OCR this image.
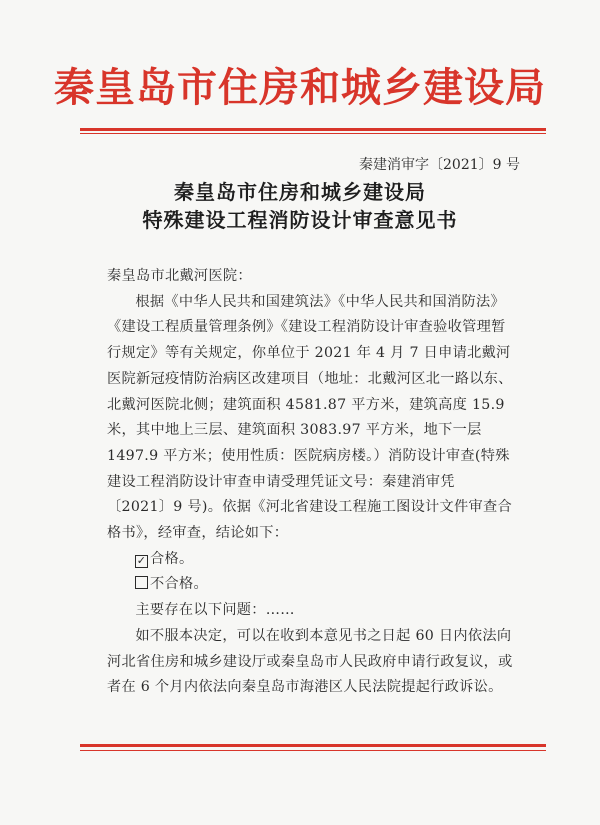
秦皇岛市住房和城乡建设局
秦建消审字〔2021〕9 号
秦皇岛市住房和城乡建设局
特殊建设工程消防设计审查意见书

秦皇岛市北戴河医院：

根据《中华人民共和国建筑法》《中华人民共和国消防法》《建设工程质量管理条例》《建设工程消防设计审查验收管理暂行规定》等有关规定，你单位于 2021 年 4 月 7 日申请北戴河医院新冠疫情防治病区改建项目（地址：北戴河区北一路以东、北戴河医院北侧；建筑面积 4581.87 平方米，建筑高度 15.9 米，其中地上三层、建筑面积 3083.97 平方米，地下一层 1497.9 平方米；使用性质：医院病房楼。）消防设计审查(特殊建设工程消防设计审查申请受理凭证文号：秦建消审凭〔2021〕9 号)。依据《河北省建设工程施工图设计文件审查合格书》，经审查，结论如下：

✓ 合格。

不合格。

主要存在以下问题：……

如不服本决定，可以在收到本意见书之日起 60 日内依法向河北省住房和城乡建设厅或秦皇岛市人民政府申请行政复议，或者在 6 个月内依法向秦皇岛市海港区人民法院提起行政诉讼。
